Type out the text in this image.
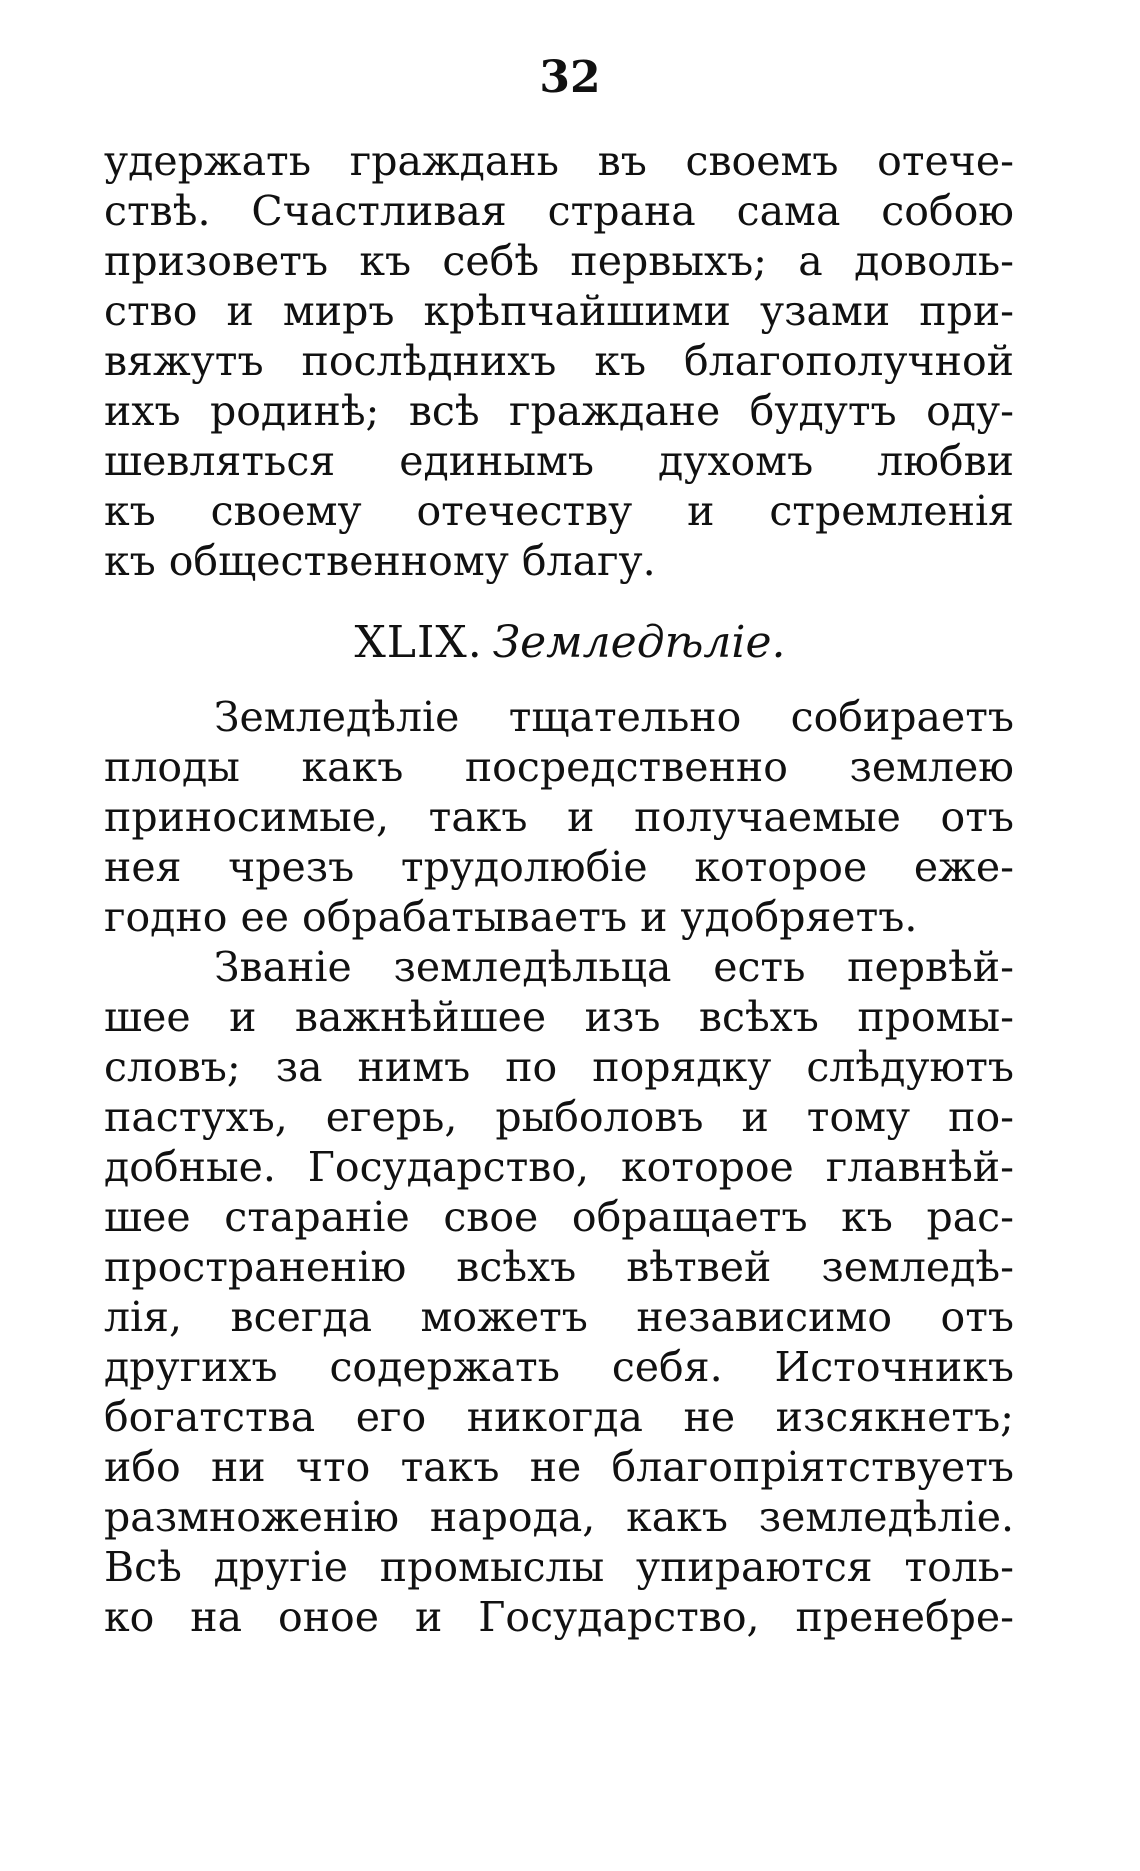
32
удержать граждань въ своемъ отече-
ствѣ. Счастливая страна сама собою
призоветъ къ себѣ первыхъ; а доволь-
ство и миръ крѣпчайшими узами при-
вяжутъ послѣднихъ къ благополучной
ихъ родинѣ; всѣ граждане будутъ оду-
шевляться единымъ духомъ любви
къ своему отечеству и стремленія
къ общественному благу.
XLIX. Земледѣліе.
Земледѣліе тщательно собираетъ
плоды какъ посредственно землею
приносимые, такъ и получаемые отъ
нея чрезъ трудолюбіе которое еже-
годно ее обрабатываетъ и удобряетъ.
Званіе земледѣльца есть первѣй-
шее и важнѣйшее изъ всѣхъ промы-
словъ; за нимъ по порядку слѣдуютъ
пастухъ, егерь, рыболовъ и тому по-
добные. Государство, которое главнѣй-
шее стараніе свое обращаетъ къ рас-
пространенію всѣхъ вѣтвей земледѣ-
лія, всегда можетъ независимо отъ
другихъ содержать себя. Источникъ
богатства его никогда не изсякнетъ;
ибо ни что такъ не благопріятствуетъ
размноженію народа, какъ земледѣліе.
Всѣ другіе промыслы упираются толь-
ко на оное и Государство, пренебре-
